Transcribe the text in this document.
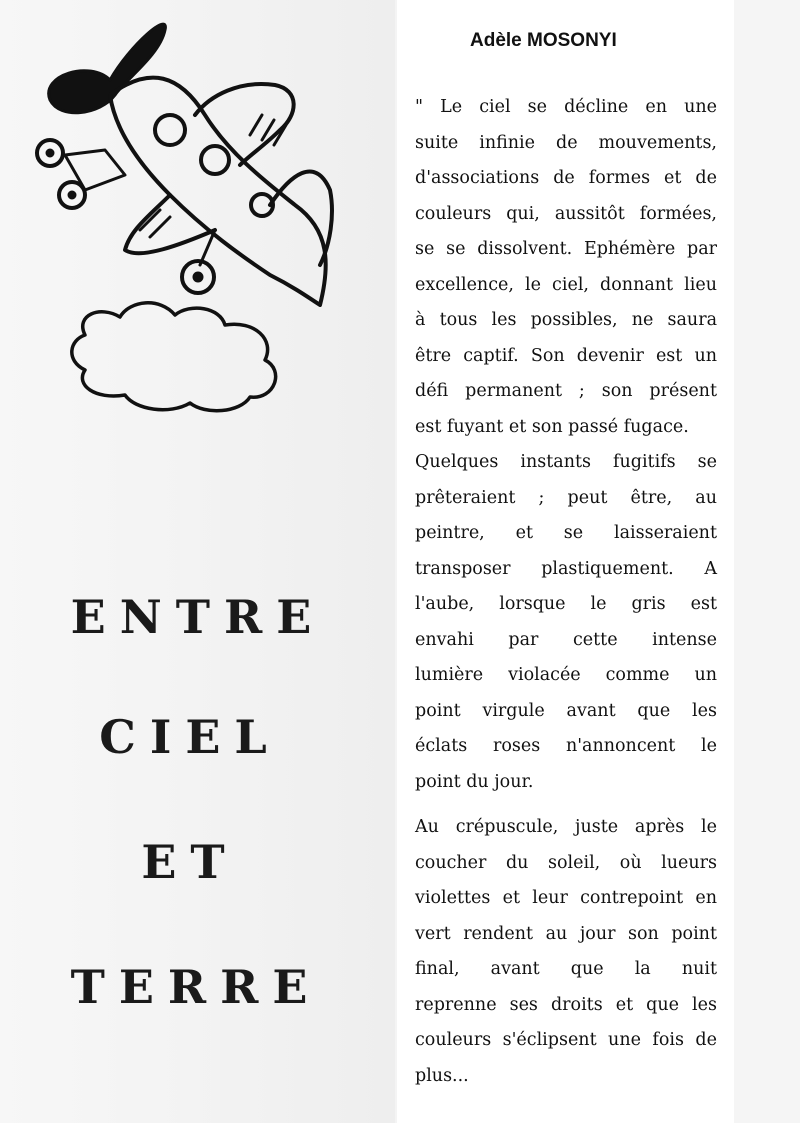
ENTRE
CIEL
ET
TERRE
Adèle MOSONYI
" Le ciel se décline en une
suite infinie de mouvements,
d'associations de formes et de
couleurs qui, aussitôt formées,
se se dissolvent. Ephémère par
excellence, le ciel, donnant lieu
à tous les possibles, ne saura
être captif. Son devenir est un
défi permanent ; son présent
est fuyant et son passé fugace.
Quelques instants fugitifs se
prêteraient ; peut être, au
peintre, et se laisseraient
transposer plastiquement. A
l'aube, lorsque le gris est
envahi par cette intense
lumière violacée comme un
point virgule avant que les
éclats roses n'annoncent le
point du jour.
Au crépuscule, juste après le
coucher du soleil, où lueurs
violettes et leur contrepoint en
vert rendent au jour son point
final, avant que la nuit
reprenne ses droits et que les
couleurs s'éclipsent une fois de
plus...
